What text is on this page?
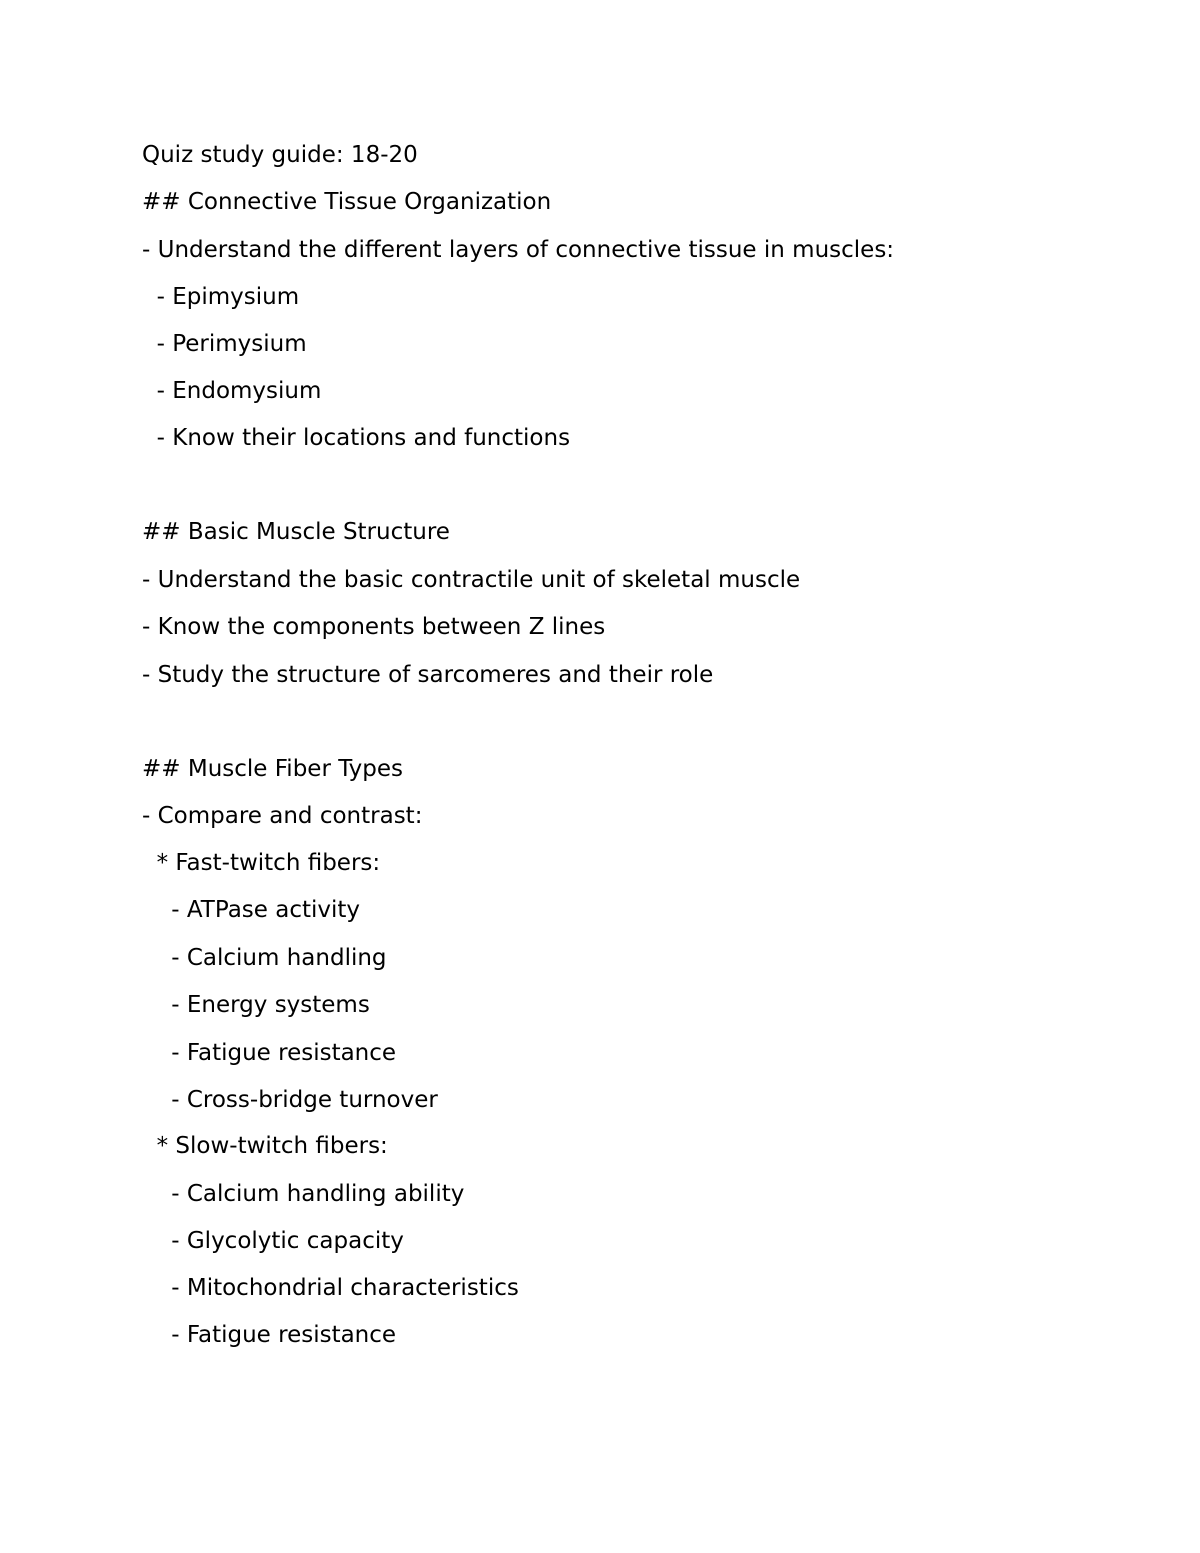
Quiz study guide: 18-20
## Connective Tissue Organization
- Understand the different layers of connective tissue in muscles:
- Epimysium
- Perimysium
- Endomysium
- Know their locations and functions
## Basic Muscle Structure
- Understand the basic contractile unit of skeletal muscle
- Know the components between Z lines
- Study the structure of sarcomeres and their role
## Muscle Fiber Types
- Compare and contrast:
* Fast-twitch fibers:
- ATPase activity
- Calcium handling
- Energy systems
- Fatigue resistance
- Cross-bridge turnover
* Slow-twitch fibers:
- Calcium handling ability
- Glycolytic capacity
- Mitochondrial characteristics
- Fatigue resistance
